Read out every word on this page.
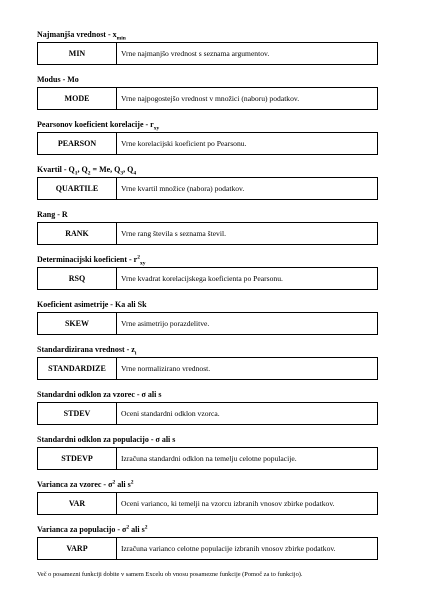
Najmanjša vrednost - $x_{min}$
MIN	Vrne najmanjšo vrednost s seznama argumentov.
Modus - Mo
MODE	Vrne najpogostejšo vrednost v množici (naboru) podatkov.
Pearsonov koeficient korelacije - $r_{xy}$
PEARSON	Vrne korelacijski koeficient po Pearsonu.
Kvartil - $Q_1$, $Q_2 = Me$, $Q_3$, $Q_4$
QUARTILE	Vrne kvartil množice (nabora) podatkov.
Rang - R
RANK	Vrne rang števila s seznama števil.
Determinacijski koeficient - $r^2_{xy}$
RSQ	Vrne kvadrat korelacijskega koeficienta po Pearsonu.
Koeficient asimetrije - Ka ali Sk
SKEW	Vrne asimetrijo porazdelitve.
Standardizirana vrednost - $z_i$
STANDARDIZE	Vrne normalizirano vrednost.
Standardni odklon za vzorec - σ ali s
STDEV	Oceni standardni odklon vzorca.
Standardni odklon za populacijo - σ ali s
STDEVP	Izračuna standardni odklon na temelju celotne populacije.
Varianca za vzorec - $\sigma^2$ ali $s^2$
VAR	Oceni varianco, ki temelji na vzorcu izbranih vnosov zbirke podatkov.
Varianca za populacijo - $\sigma^2$ ali $s^2$
VARP	Izračuna varianco celotne populacije izbranih vnosov zbirke podatkov.
Več o posamezni funkciji dobite v samem Excelu ob vnosu posamezne funkcije (Pomoč za to funkcijo).
